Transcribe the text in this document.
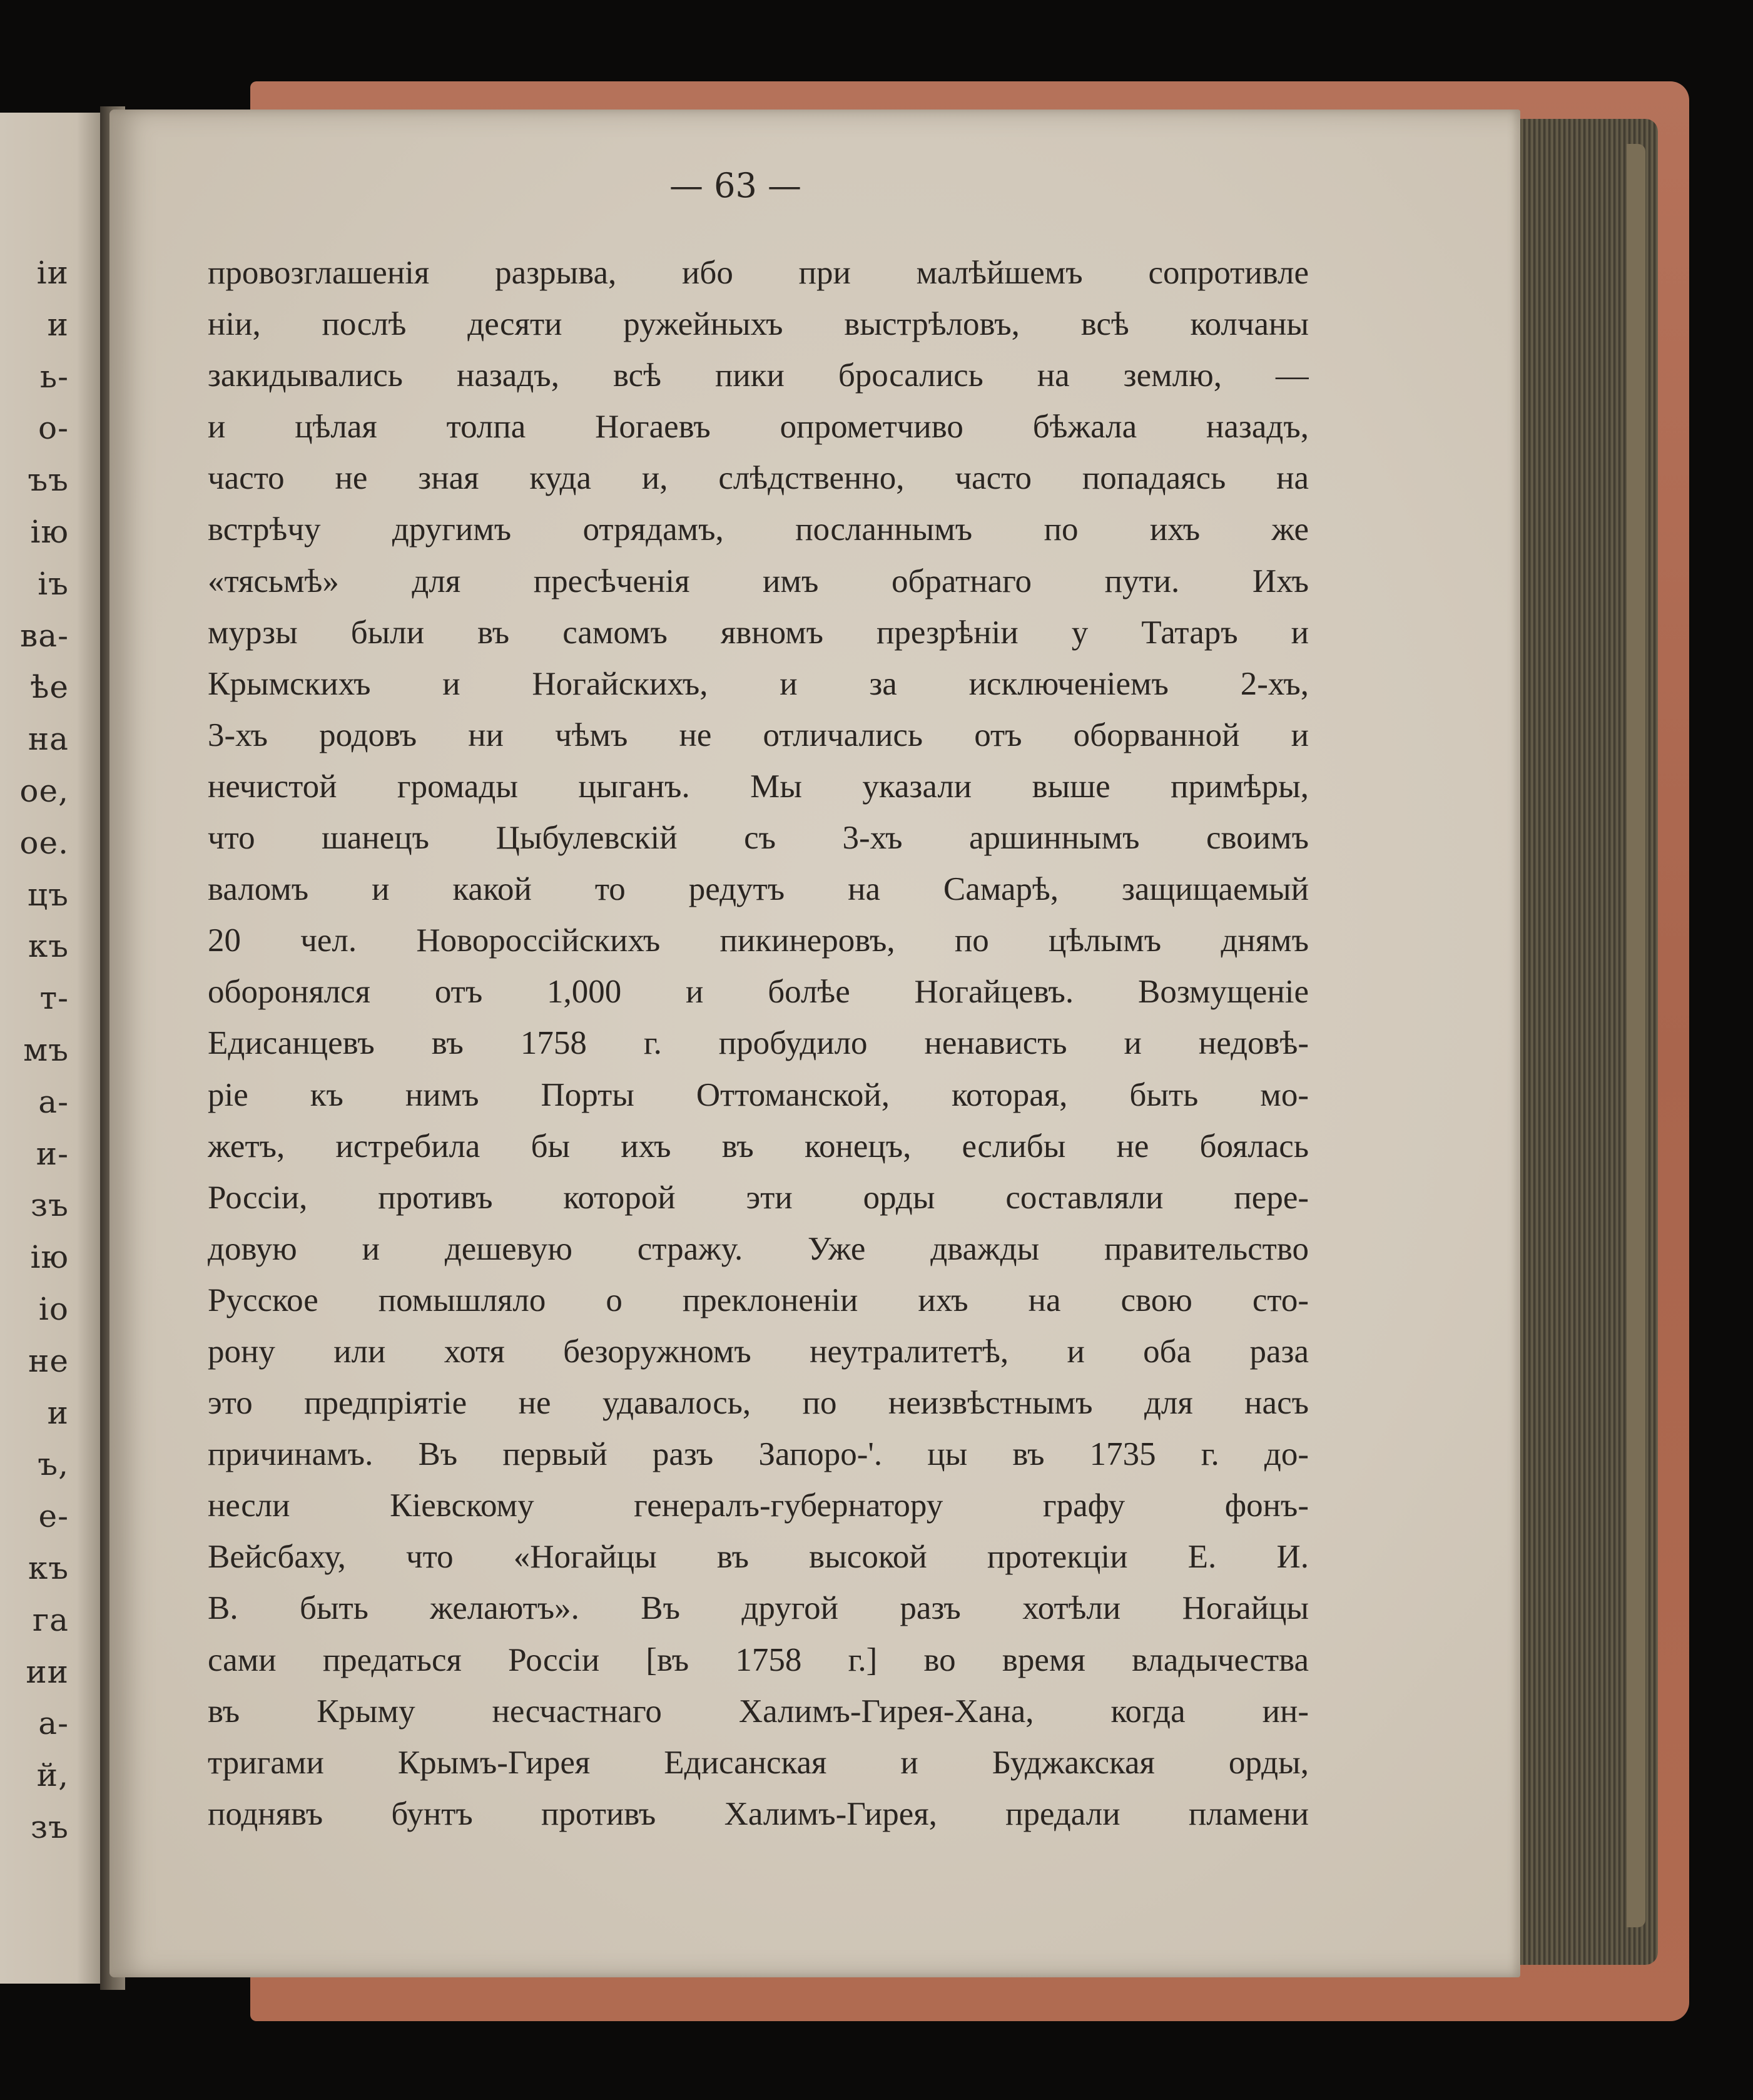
іи
и
ь-
о-
ъъ
ію
іъ
ва-
ѣе
на
ое,
ое.
цъ
къ
т-
мъ
а-
и-
зъ
ію
іо
не
и
ъ,
е-
къ
га
ии
а-
й,
зъ
— 63 —
провозглашенія разрыва, ибо при малѣйшемъ сопротивле
ніи, послѣ десяти ружейныхъ выстрѣловъ, всѣ колчаны
закидывались назадъ, всѣ пики бросались на землю, —
и цѣлая толпа Ногаевъ опрометчиво бѣжала назадъ,
часто не зная куда и, слѣдственно, часто попадаясь на
встрѣчу другимъ отрядамъ, посланнымъ по ихъ же
«тясьмѣ» для пресѣченія имъ обратнаго пути. Ихъ
мурзы были въ самомъ явномъ презрѣніи у Татаръ и
Крымскихъ и Ногайскихъ, и за исключеніемъ 2-хъ,
3-хъ родовъ ни чѣмъ не отличались отъ оборванной и
нечистой громады цыганъ. Мы указали выше примѣры,
что шанецъ Цыбулевскій съ 3-хъ аршиннымъ своимъ
валомъ и какой то редутъ на Самарѣ, защищаемый
20 чел. Новороссійскихъ пикинеровъ, по цѣлымъ днямъ
оборонялся отъ 1,000 и болѣе Ногайцевъ. Возмущеніе
Едисанцевъ въ 1758 г. пробудило ненависть и недовѣ-
ріе къ нимъ Порты Оттоманской, которая, быть мо-
жетъ, истребила бы ихъ въ конецъ, еслибы не боялась
Россіи, противъ которой эти орды составляли пере-
довую и дешевую стражу. Уже дважды правительство
Русское помышляло о преклоненіи ихъ на свою сто-
рону или хотя безоружномъ неутралитетѣ, и оба раза
это предпріятіе не удавалось, по неизвѣстнымъ для насъ
причинамъ. Въ первый разъ Запоро-'. цы въ 1735 г. до-
несли Кіевскому генералъ-губернатору графу фонъ-
Вейсбаху, что «Ногайцы въ высокой протекціи Е. И.
В. быть желаютъ». Въ другой разъ хотѣли Ногайцы
сами предаться Россіи [въ 1758 г.] во время владычества
въ Крыму несчастнаго Халимъ-Гирея-Хана, когда ин-
тригами Крымъ-Гирея Едисанская и Буджакская орды,
поднявъ бунтъ противъ Халимъ-Гирея, предали пламени
